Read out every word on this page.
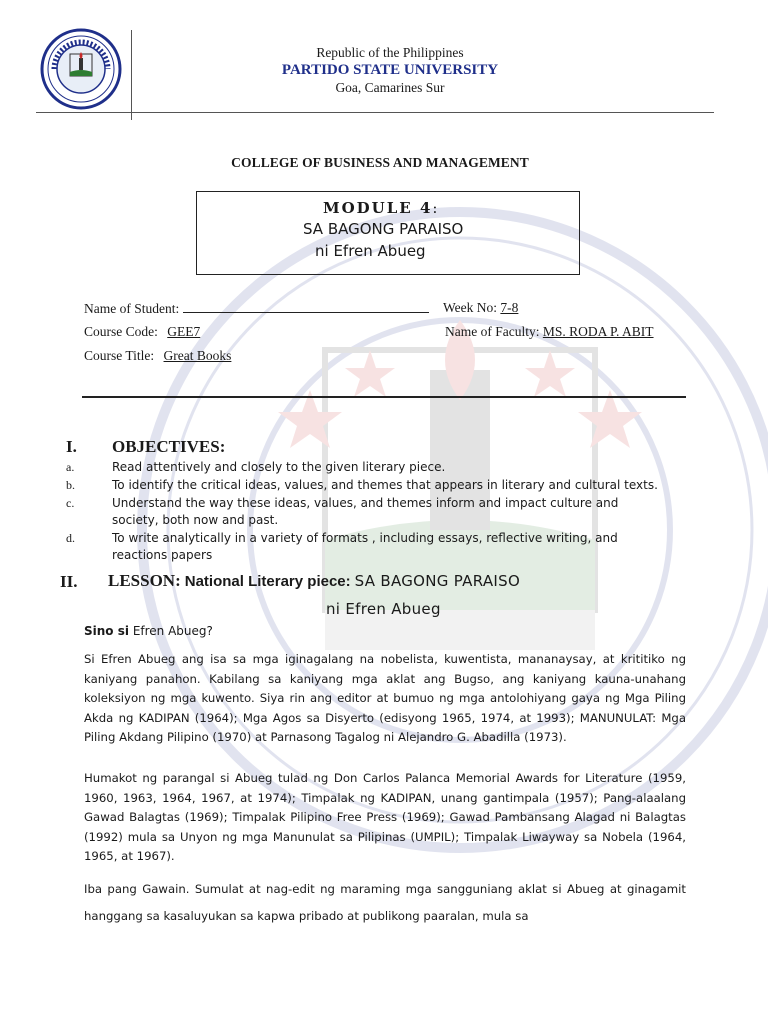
Republic of the Philippines
PARTIDO STATE UNIVERSITY
Goa, Camarines Sur
COLLEGE OF BUSINESS AND MANAGEMENT
MODULE 4:
SA BAGONG PARAISO
ni Efren Abueg
Name of Student:	Week No: 7-8
Course Code: GEE7	Name of Faculty: MS. RODA P. ABIT
Course Title: Great Books
I. OBJECTIVES:
a.	Read attentively and closely to the given literary piece.
b.	To identify the critical ideas, values, and themes that appears in literary and cultural texts.
c.	Understand the way these ideas, values, and themes inform and impact culture and
society, both now and past.
d.	To write analytically in a variety of formats , including essays, reflective writing, and
reactions papers
II. LESSON: National Literary piece: SA BAGONG PARAISO
ni Efren Abueg
Sino si Efren Abueg?
Si Efren Abueg ang isa sa mga iginagalang na nobelista, kuwentista, mananaysay, at krititiko ng kaniyang panahon. Kabilang sa kaniyang mga aklat ang Bugso, ang kaniyang kauna-unahang koleksiyon ng mga kuwento. Siya rin ang editor at bumuo ng mga antolohiyang gaya ng Mga Piling Akda ng KADIPAN (1964); Mga Agos sa Disyerto (edisyong 1965, 1974, at 1993); MANUNULAT: Mga Piling Akdang Pilipino (1970) at Parnasong Tagalog ni Alejandro G. Abadilla (1973).
Humakot ng parangal si Abueg tulad ng Don Carlos Palanca Memorial Awards for Literature (1959, 1960, 1963, 1964, 1967, at 1974); Timpalak ng KADIPAN, unang gantimpala (1957); Pang-alaalang Gawad Balagtas (1969); Timpalak Pilipino Free Press (1969); Gawad Pambansang Alagad ni Balagtas (1992) mula sa Unyon ng mga Manunulat sa Pilipinas (UMPIL); Timpalak Liwayway sa Nobela (1964, 1965, at 1967).
Iba pang Gawain. Sumulat at nag-edit ng maraming mga sangguniang aklat si Abueg at ginagamit hanggang sa kasaluyukan sa kapwa pribado at publikong paaralan, mula sa
